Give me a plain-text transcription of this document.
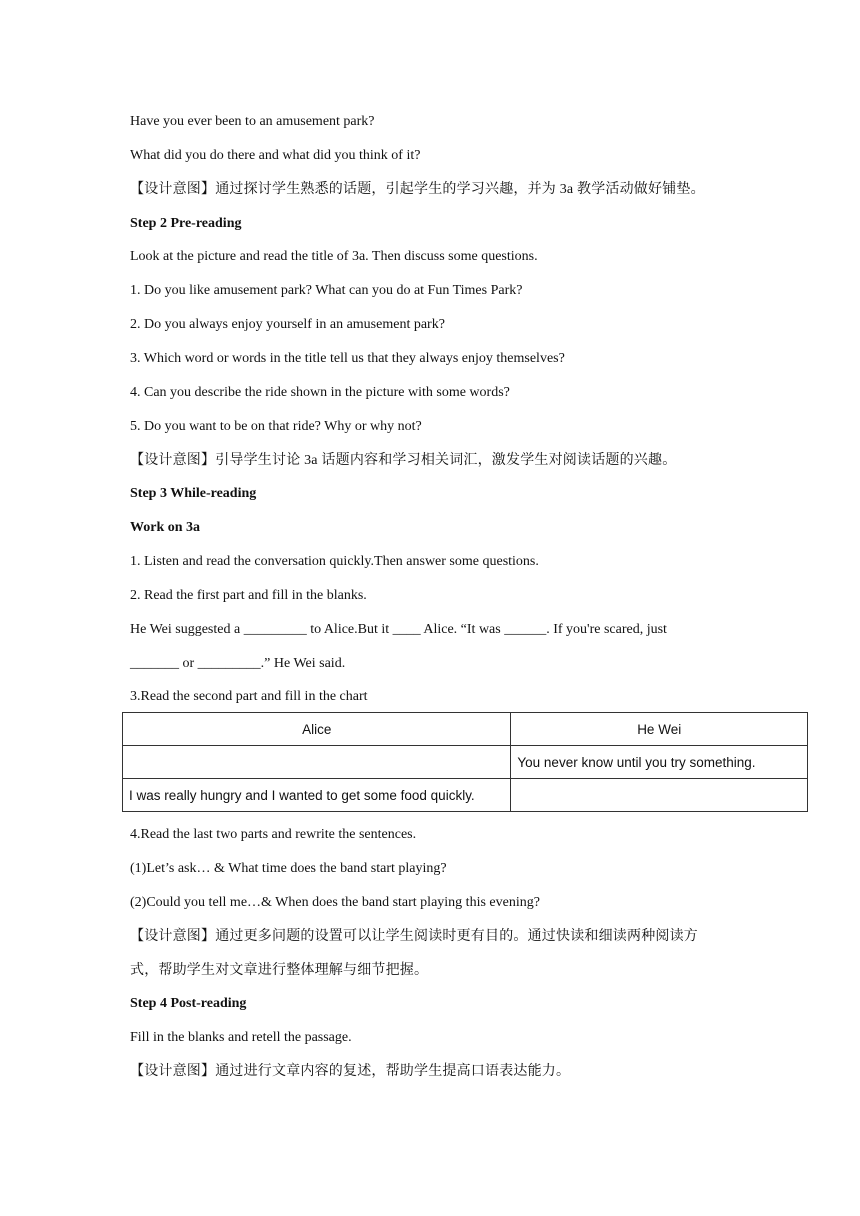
Have you ever been to an amusement park?
What did you do there and what did you think of it?
【设计意图】通过探讨学生熟悉的话题，引起学生的学习兴趣，并为 3a 教学活动做好铺垫。
Step 2 Pre-reading
Look at the picture and read the title of 3a. Then discuss some questions.
1. Do you like amusement park? What can you do at Fun Times Park?
2. Do you always enjoy yourself in an amusement park?
3. Which word or words in the title tell us that they always enjoy themselves?
4. Can you describe the ride shown in the picture with some words?
5. Do you want to be on that ride? Why or why not?
【设计意图】引导学生讨论 3a 话题内容和学习相关词汇，激发学生对阅读话题的兴趣。
Step 3 While-reading
Work on 3a
1. Listen and read the conversation quickly.Then answer some questions.
2. Read the first part and fill in the blanks.
He Wei suggested a _________ to Alice.But it ____ Alice. “It was ______. If you're scared, just
_______ or _________.” He Wei said.
3.Read the second part and fill in the chart
Alice	He Wei
	You never know until you try something.
I was really hungry and I wanted to get some food quickly.	
4.Read the last two parts and rewrite the sentences.
(1)Let’s ask… & What time does the band start playing?
(2)Could you tell me…& When does the band start playing this evening?
【设计意图】通过更多问题的设置可以让学生阅读时更有目的。通过快读和细读两种阅读方
式，帮助学生对文章进行整体理解与细节把握。
Step 4 Post-reading
Fill in the blanks and retell the passage.
【设计意图】通过进行文章内容的复述，帮助学生提高口语表达能力。
